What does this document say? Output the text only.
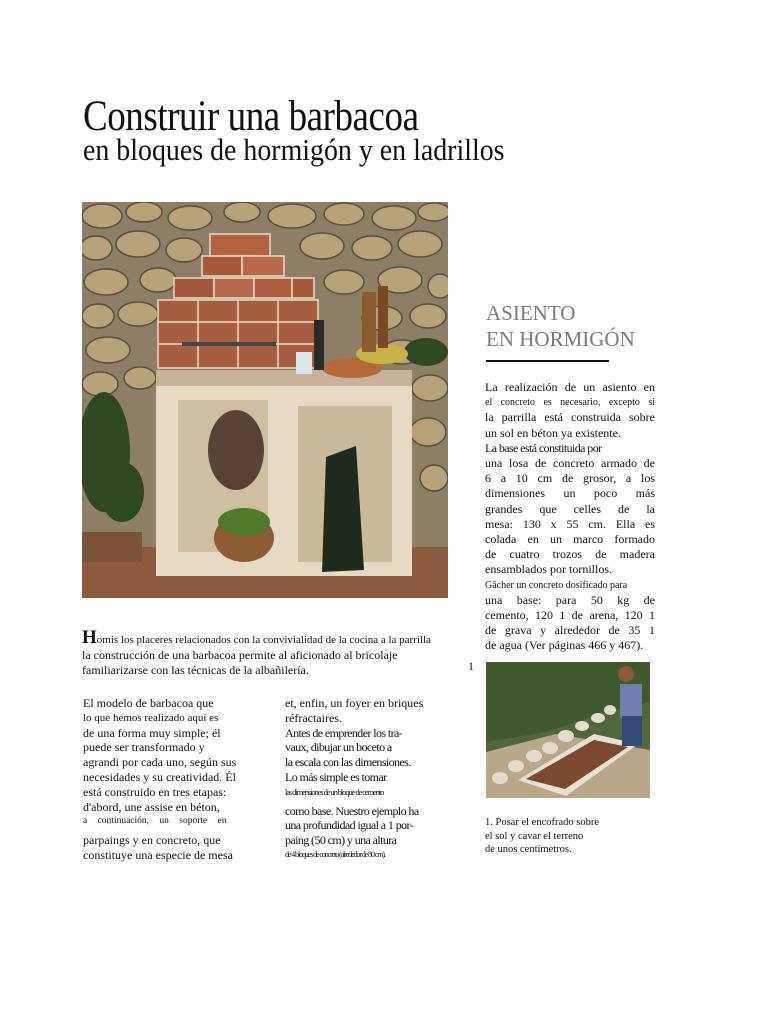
Construir una barbacoa
en bloques de hormigón y en ladrillos
ASIENTO
EN HORMIGÓN
La realización de un asiento en
el concreto es necesario, excepto si
la parrilla está construida sobre
un sol en béton ya existente.
La base está constituida por
una losa de concreto armado de
6 a 10 cm de grosor, a los
dimensiones un poco más
grandes que celles de la
mesa: 130 x 55 cm. Ella es
colada en un marco formado
de cuatro trozos de madera
ensamblados por tornillos.
Gâcher un concreto dosificado para
una base: para 50 kg de
cemento, 120 1 de arena, 120 1
de grava y alrededor de 35 1
de agua (Ver páginas 466 y 467).
1
1. Posar el encofrado sobre
el sol y cavar el terreno
de unos centímetros.
Homis los placeres relacionados con la convivialidad de la cocina a la parrilla
la construcción de una barbacoa permite al aficionado al bricolaje
familiarizarse con las técnicas de la albañilería.
El modelo de barbacoa que
lo que hemos realizado aquí es
de una forma muy simple; él
puede ser transformado y
agrandi por cada uno, según sus
necesidades y su creatividad. Él
está construido en tres etapas:
d'abord, une assise en béton,
a continuación, un soporte en
parpaings y en concreto, que
constituye una especie de mesa
et, enfin, un foyer en briques
réfractaires.
Antes de emprender los tra-
vaux, dibujar un boceto a
la escala con las dimensiones.
Lo más simple es tomar
las dimensiones de un bloque de cemento
como base. Nuestro ejemplo ha
una profundidad igual a 1 por-
paing (50 cm) y una altura
de 4 bloques de concreto (alrededor de 80 cm).
